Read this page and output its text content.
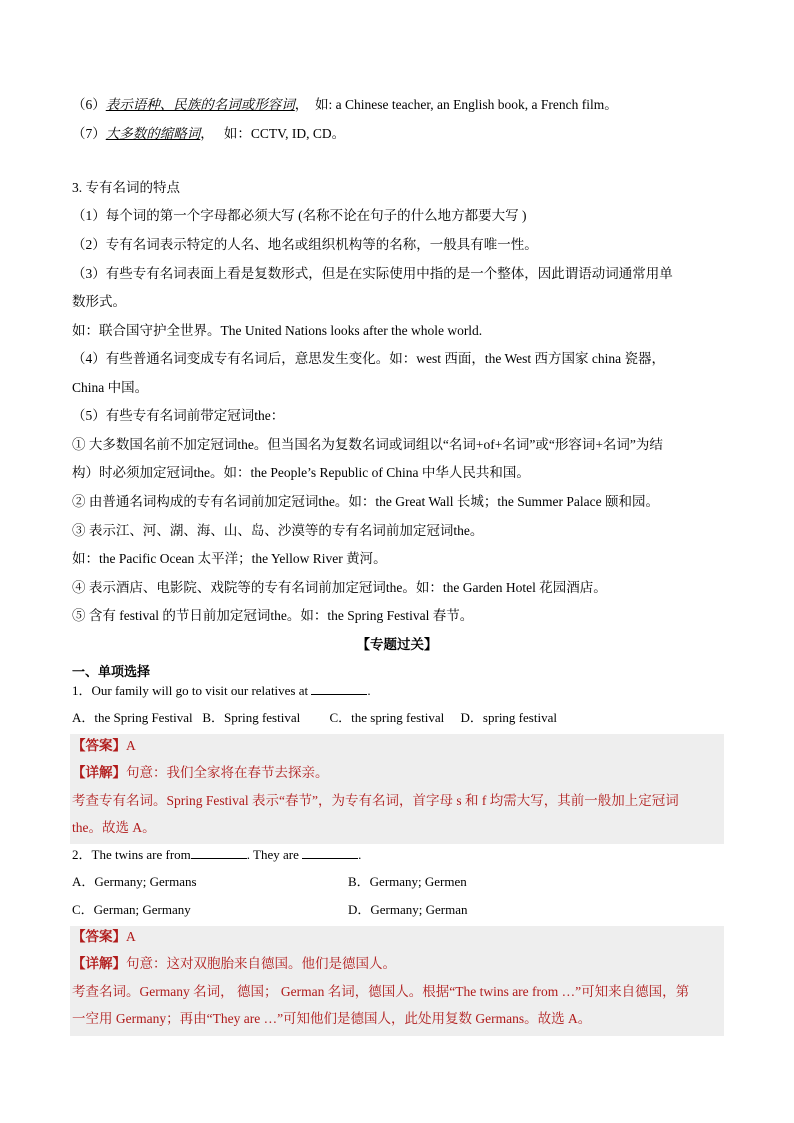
（6）表示语种、民族的名词或形容词， 如: a Chinese teacher, an English book, a French film。
（7）大多数的缩略词， 如：CCTV, ID, CD。
3. 专有名词的特点
（1）每个词的第一个字母都必须大写 (名称不论在句子的什么地方都要大写 )
（2）专有名词表示特定的人名、地名或组织机构等的名称，一般具有唯一性。
（3）有些专有名词表面上看是复数形式，但是在实际使用中指的是一个整体，因此谓语动词通常用单
数形式。
如：联合国守护全世界。The United Nations looks after the whole world.
（4）有些普通名词变成专有名词后，意思发生变化。如：west 西面，the West 西方国家 china 瓷器，
China 中国。
（5）有些专有名词前带定冠词the：
① 大多数国名前不加定冠词the。但当国名为复数名词或词组以“名词+of+名词”或“形容词+名词”为结
构）时必须加定冠词the。如：the People’s Republic of China 中华人民共和国。
② 由普通名词构成的专有名词前加定冠词the。如：the Great Wall 长城；the Summer Palace 颐和园。
③ 表示江、河、湖、海、山、岛、沙漠等的专有名词前加定冠词the。
如：the Pacific Ocean 太平洋；the Yellow River 黄河。
④ 表示酒店、电影院、戏院等的专有名词前加定冠词the。如：the Garden Hotel 花园酒店。
⑤ 含有 festival 的节日前加定冠词the。如：the Spring Festival 春节。
【专题过关】
一、单项选择
1．Our family will go to visit our relatives at	.
A．the Spring Festival B．Spring festival C．the spring festival D．spring festival
【答案】A
【详解】句意：我们全家将在春节去探亲。
考查专有名词。Spring Festival 表示“春节”，为专有名词，首字母 s 和 f 均需大写，其前一般加上定冠词
the。故选 A。
2．The twins are from	. They are	.
A．Germany; Germans	B．Germany; Germen
C．German; Germany	D．Germany; German
【答案】A
【详解】句意：这对双胞胎来自德国。他们是德国人。
考查名词。Germany 名词， 德国； German 名词，德国人。根据“The twins are from …”可知来自德国，第
一空用 Germany；再由“They are …”可知他们是德国人，此处用复数 Germans。故选 A。
